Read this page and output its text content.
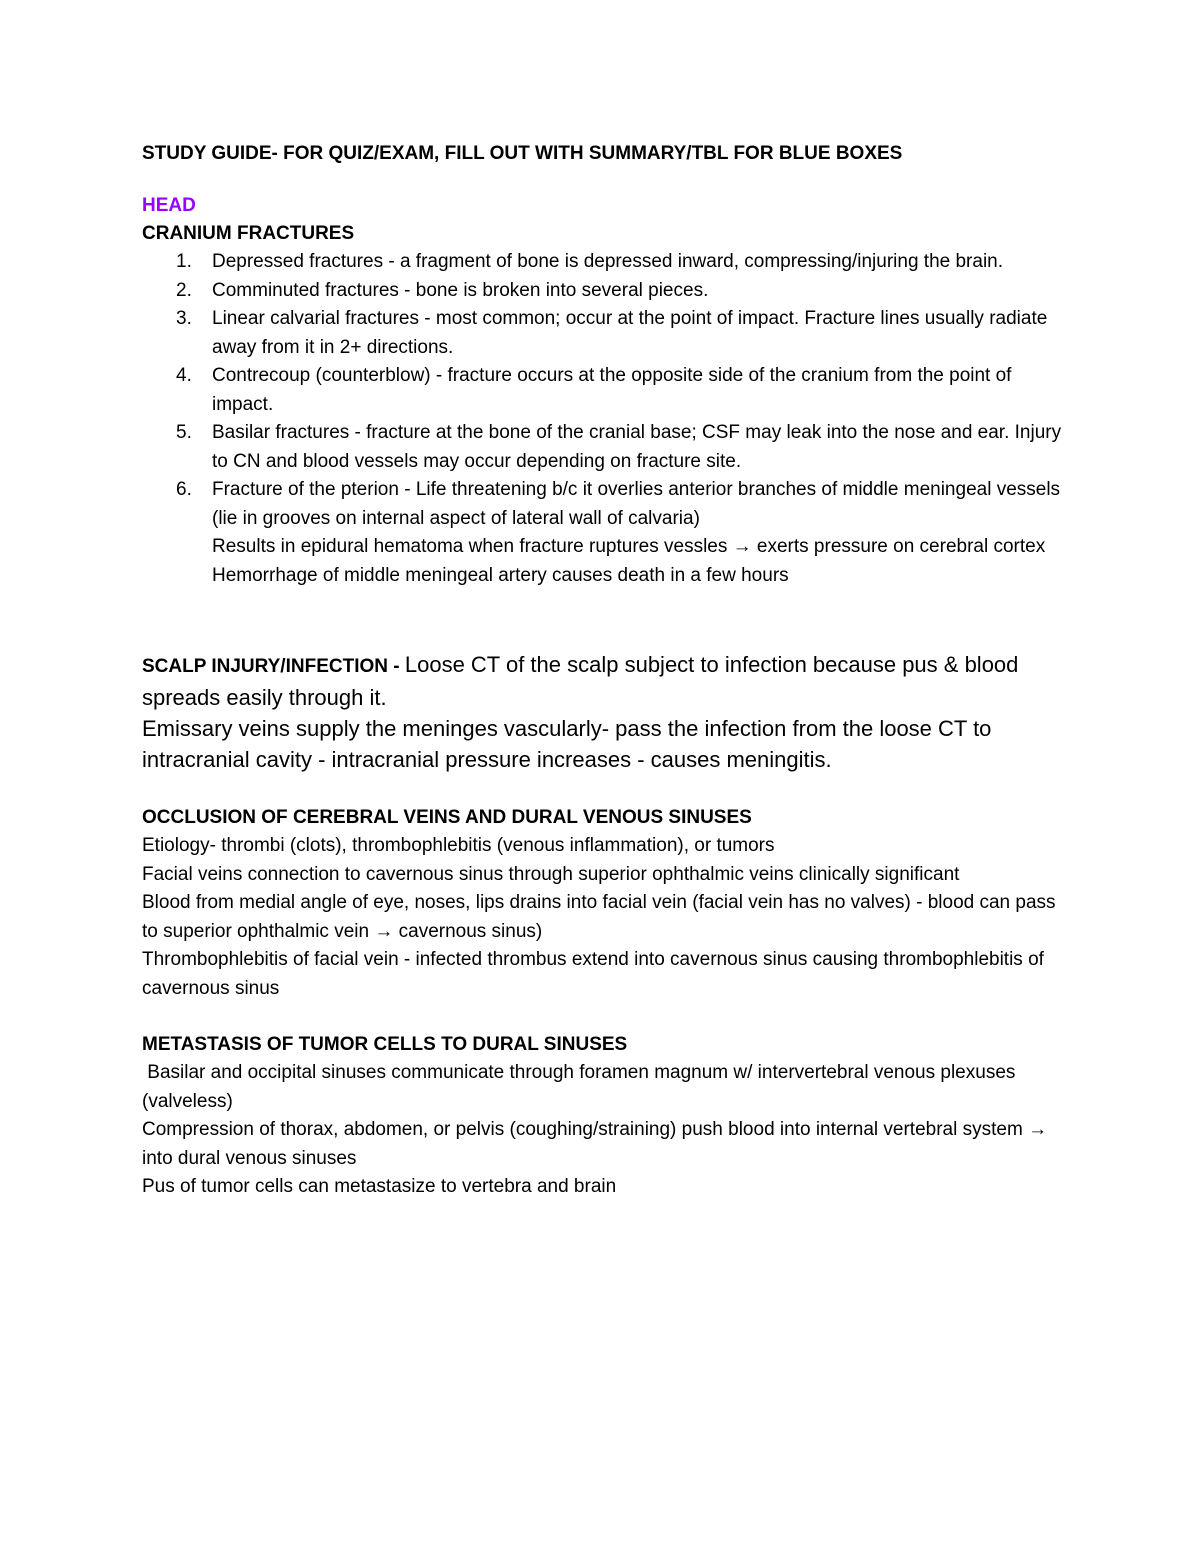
STUDY GUIDE- FOR QUIZ/EXAM, FILL OUT WITH SUMMARY/TBL FOR BLUE BOXES

HEAD

CRANIUM FRACTURES

1. Depressed fractures - a fragment of bone is depressed inward, compressing/injuring the brain.
2. Comminuted fractures - bone is broken into several pieces.
3. Linear calvarial fractures - most common; occur at the point of impact. Fracture lines usually radiate away from it in 2+ directions.
4. Contrecoup (counterblow) - fracture occurs at the opposite side of the cranium from the point of impact.
5. Basilar fractures - fracture at the bone of the cranial base; CSF may leak into the nose and ear. Injury to CN and blood vessels may occur depending on fracture site.
6. Fracture of the pterion - Life threatening b/c it overlies anterior branches of middle meningeal vessels (lie in grooves on internal aspect of lateral wall of calvaria)
Results in epidural hematoma when fracture ruptures vessles → exerts pressure on cerebral cortex
Hemorrhage of middle meningeal artery causes death in a few hours

SCALP INJURY/INFECTION - Loose CT of the scalp subject to infection because pus & blood spreads easily through it.

Emissary veins supply the meninges vascularly- pass the infection from the loose CT to intracranial cavity - intracranial pressure increases - causes meningitis.

OCCLUSION OF CEREBRAL VEINS AND DURAL VENOUS SINUSES

Etiology- thrombi (clots), thrombophlebitis (venous inflammation), or tumors

Facial veins connection to cavernous sinus through superior ophthalmic veins clinically significant

Blood from medial angle of eye, noses, lips drains into facial vein (facial vein has no valves) - blood can pass to superior ophthalmic vein → cavernous sinus)

Thrombophlebitis of facial vein - infected thrombus extend into cavernous sinus causing thrombophlebitis of cavernous sinus

METASTASIS OF TUMOR CELLS TO DURAL SINUSES

Basilar and occipital sinuses communicate through foramen magnum w/ intervertebral venous plexuses (valveless)

Compression of thorax, abdomen, or pelvis (coughing/straining) push blood into internal vertebral system → into dural venous sinuses

Pus of tumor cells can metastasize to vertebra and brain
